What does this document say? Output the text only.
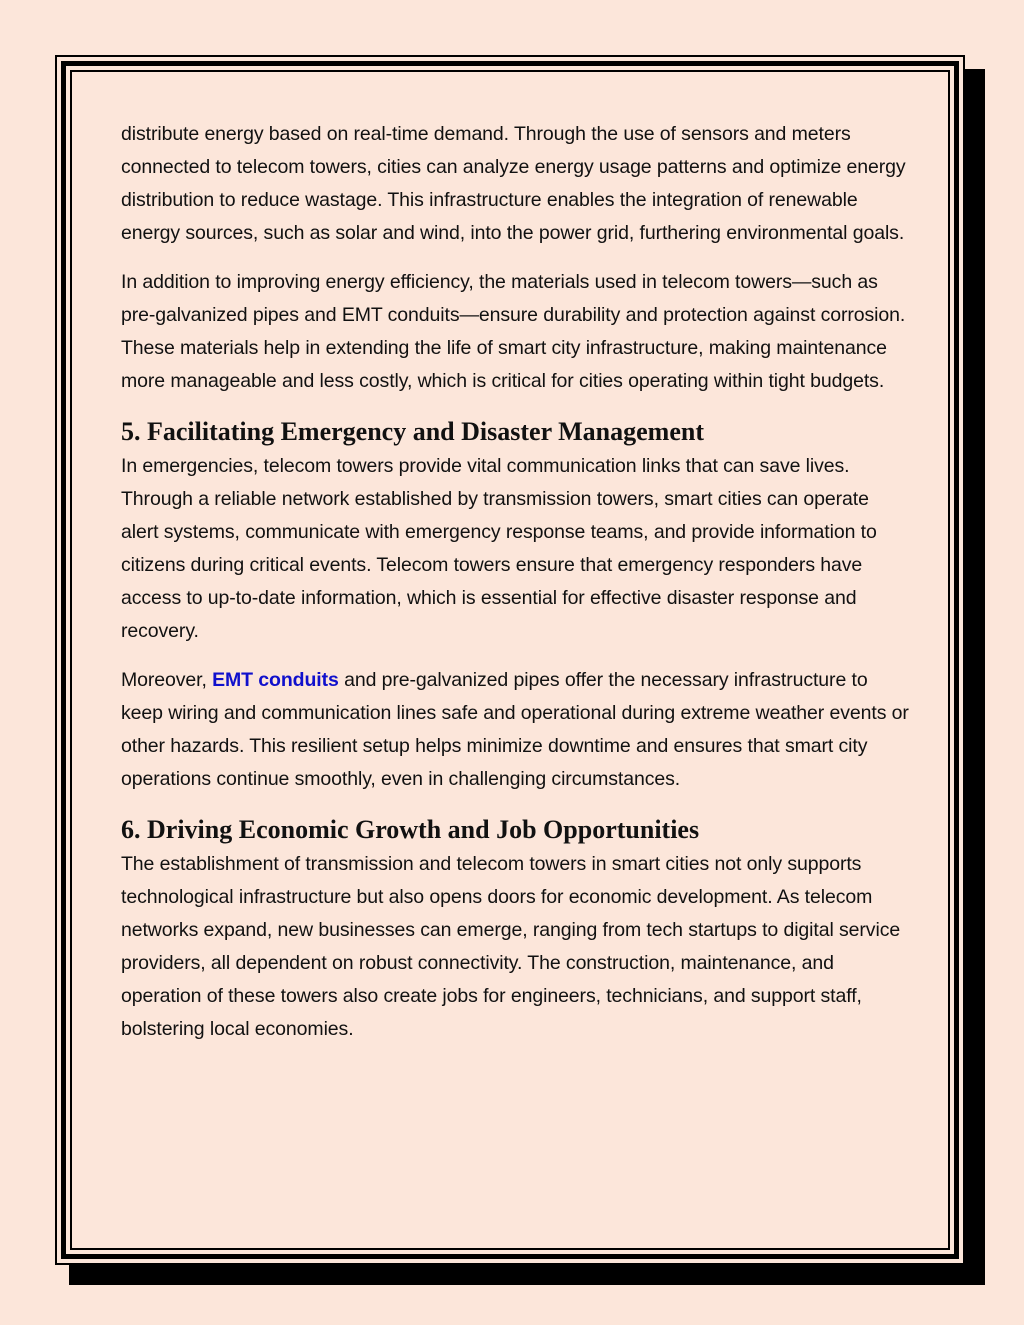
distribute energy based on real-time demand. Through the use of sensors and meters connected to telecom towers, cities can analyze energy usage patterns and optimize energy distribution to reduce wastage. This infrastructure enables the integration of renewable energy sources, such as solar and wind, into the power grid, furthering environmental goals.

In addition to improving energy efficiency, the materials used in telecom towers—such as pre-galvanized pipes and EMT conduits—ensure durability and protection against corrosion. These materials help in extending the life of smart city infrastructure, making maintenance more manageable and less costly, which is critical for cities operating within tight budgets.

5. Facilitating Emergency and Disaster Management

In emergencies, telecom towers provide vital communication links that can save lives. Through a reliable network established by transmission towers, smart cities can operate alert systems, communicate with emergency response teams, and provide information to citizens during critical events. Telecom towers ensure that emergency responders have access to up-to-date information, which is essential for effective disaster response and recovery.

Moreover, EMT conduits and pre-galvanized pipes offer the necessary infrastructure to keep wiring and communication lines safe and operational during extreme weather events or other hazards. This resilient setup helps minimize downtime and ensures that smart city operations continue smoothly, even in challenging circumstances.

6. Driving Economic Growth and Job Opportunities

The establishment of transmission and telecom towers in smart cities not only supports technological infrastructure but also opens doors for economic development. As telecom networks expand, new businesses can emerge, ranging from tech startups to digital service providers, all dependent on robust connectivity. The construction, maintenance, and operation of these towers also create jobs for engineers, technicians, and support staff, bolstering local economies.
